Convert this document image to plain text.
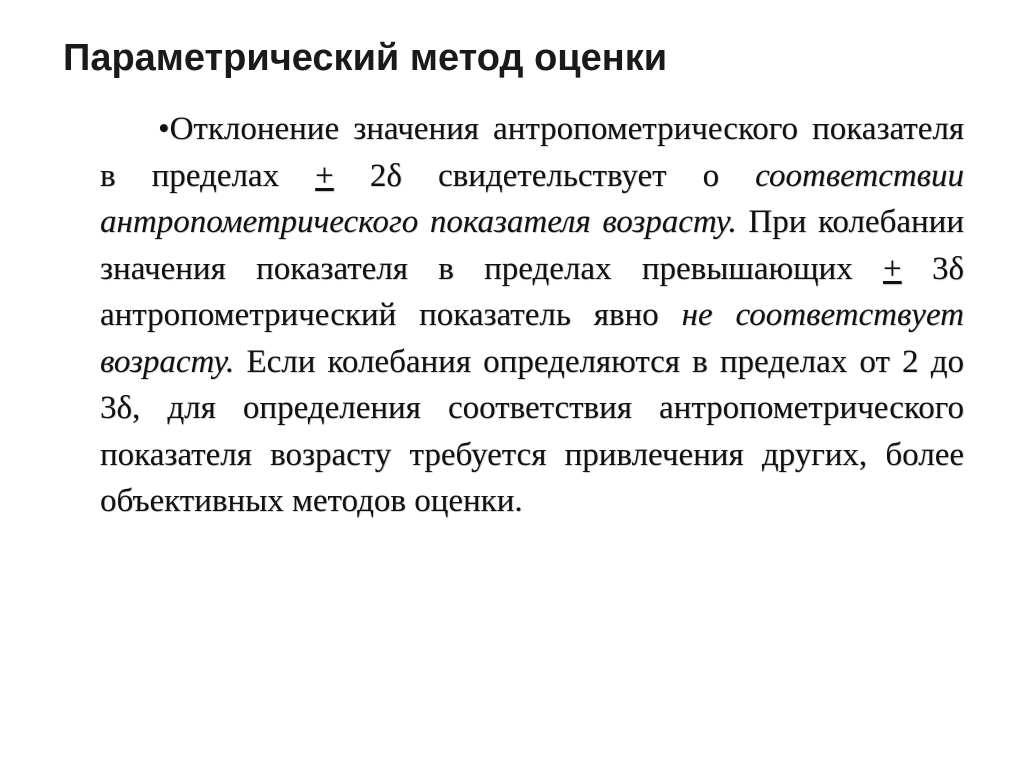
Параметрический метод оценки

•Отклонение значения антропометрического показателя в пределах + 2δ свидетельствует о соответствии антропометрического показателя возрасту. При колебании значения показателя в пределах превышающих + 3δ антропометрический показатель явно не соответствует возрасту. Если колебания определяются в пределах от 2 до 3δ, для определения соответствия антропометрического показателя возрасту требуется привлечения других, более объективных методов оценки.
